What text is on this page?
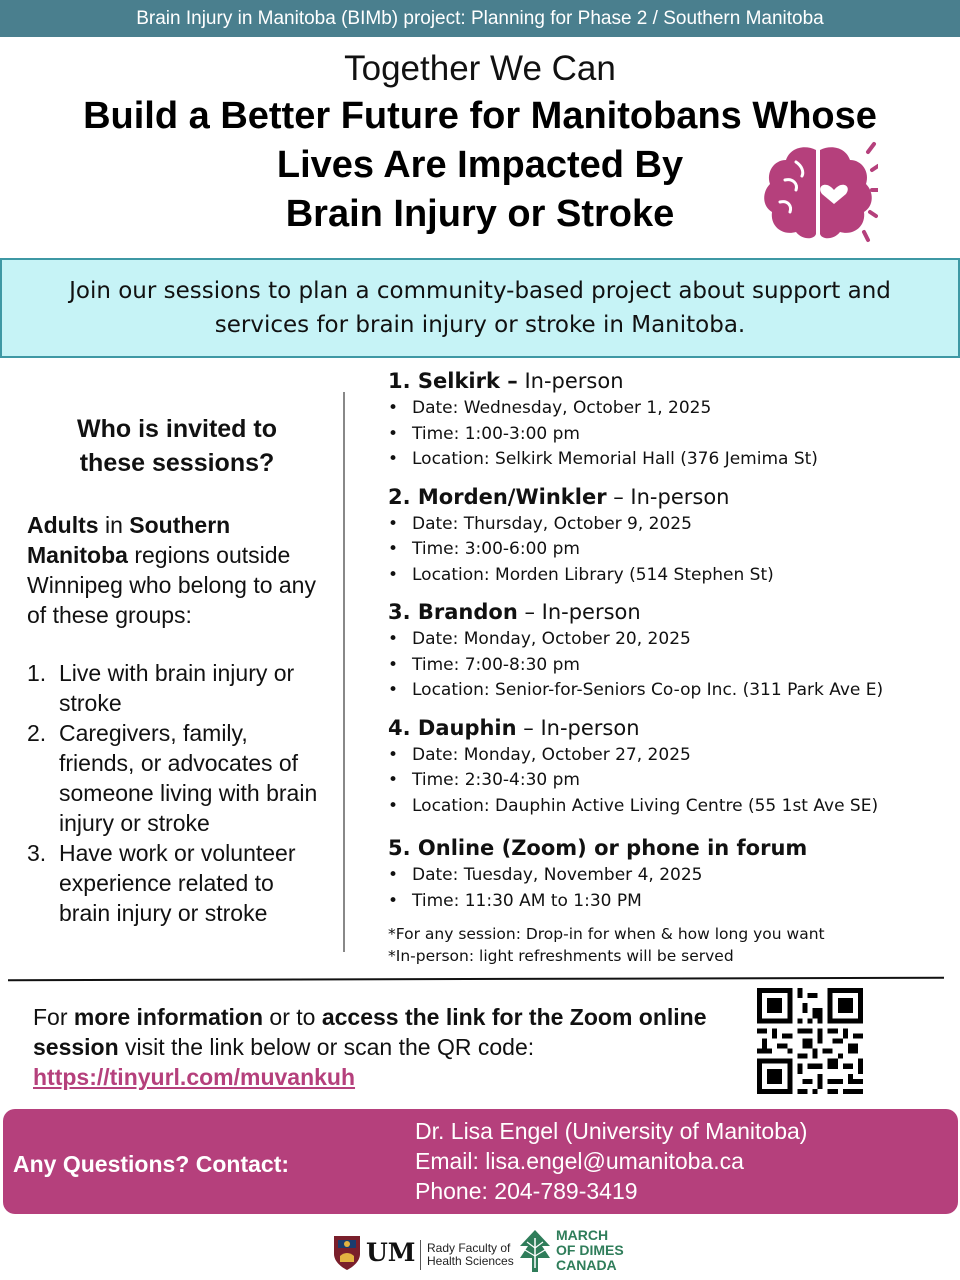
Brain Injury in Manitoba (BIMb) project: Planning for Phase 2 / Southern Manitoba
Together We Can
Build a Better Future for Manitobans Whose
Lives Are Impacted By
Brain Injury or Stroke
Join our sessions to plan a community-based project about support and
services for brain injury or stroke in Manitoba.
Who is invited to
these sessions?
Adults in Southern Manitoba regions outside Winnipeg who belong to any of these groups:
1. Live with brain injury or stroke
2. Caregivers, family, friends, or advocates of someone living with brain injury or stroke
3. Have work or volunteer experience related to brain injury or stroke
1. Selkirk – In-person
• Date: Wednesday, October 1, 2025
• Time: 1:00-3:00 pm
• Location: Selkirk Memorial Hall (376 Jemima St)
2. Morden/Winkler – In-person
• Date: Thursday, October 9, 2025
• Time: 3:00-6:00 pm
• Location: Morden Library (514 Stephen St)
3. Brandon – In-person
• Date: Monday, October 20, 2025
• Time: 7:00-8:30 pm
• Location: Senior-for-Seniors Co-op Inc. (311 Park Ave E)
4. Dauphin – In-person
• Date: Monday, October 27, 2025
• Time: 2:30-4:30 pm
• Location: Dauphin Active Living Centre (55 1st Ave SE)
5. Online (Zoom) or phone in forum
• Date: Tuesday, November 4, 2025
• Time: 11:30 AM to 1:30 PM
*For any session: Drop-in for when & how long you want
*In-person: light refreshments will be served
For more information or to access the link for the Zoom online session visit the link below or scan the QR code:
https://tinyurl.com/muvankuh
Any Questions? Contact:
Dr. Lisa Engel (University of Manitoba)
Email: lisa.engel@umanitoba.ca
Phone: 204-789-3419
UM Rady Faculty of
Health Sciences
MARCH
OF DIMES
CANADA
